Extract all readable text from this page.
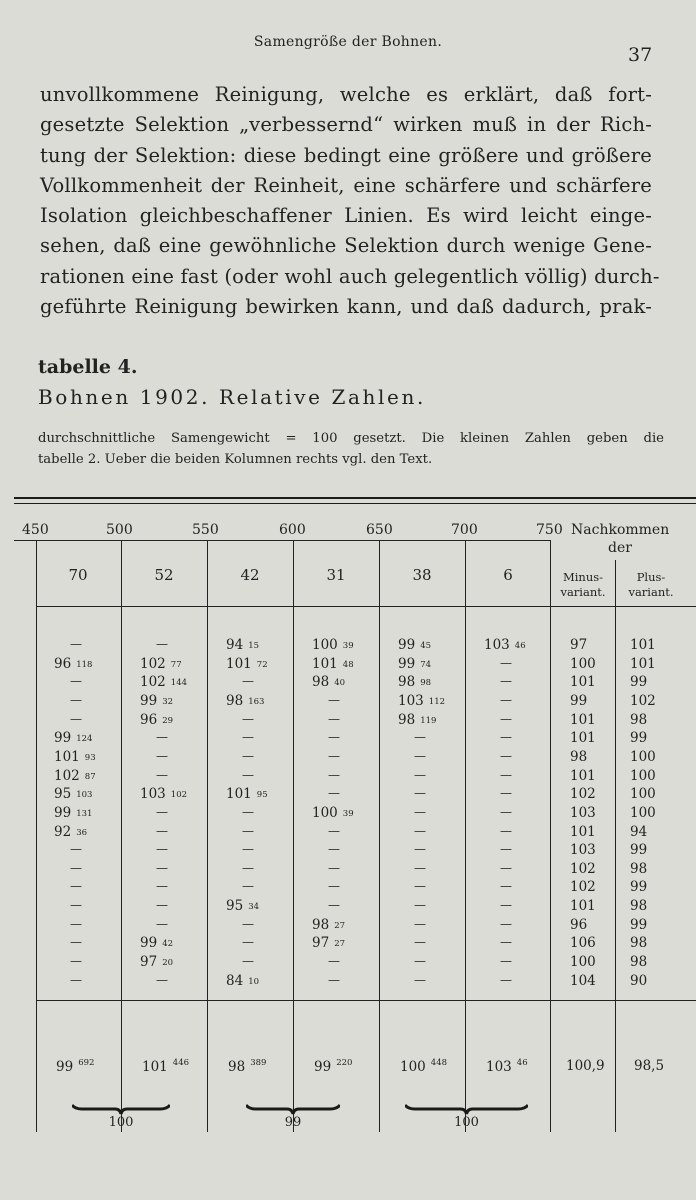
Samengröße der Bohnen.
37
unvollkommene Reinigung, welche es erklärt, daß fort-
gesetzte Selektion „verbessernd“ wirken muß in der Rich-
tung der Selektion: diese bedingt eine größere und größere
Vollkommenheit der Reinheit, eine schärfere und schärfere
Isolation gleichbeschaffener Linien. Es wird leicht einge-
sehen, daß eine gewöhnliche Selektion durch wenige Gene-
rationen eine fast (oder wohl auch gelegentlich völlig) durch-
geführte Reinigung bewirken kann, und daß dadurch, prak-
tabelle 4.
Bohnen 1902. Relative Zahlen.
durchschnittliche Samengewicht = 100 gesetzt. Die kleinen Zahlen geben die
tabelle 2. Ueber die beiden Kolumnen rechts vgl. den Text.
450	500	550	600	650	700	750 Nachkommen
der
70	52	42	31	38	6	Minus-
variant.
Plus-
variant.
—	—	94 15	100 39	99 45	103 46	97	101
96 118	102 77	101 72	101 48	99 74	—	100	101
—	102 144	—	98 40	98 98	—	101	99
—	99 32	98 163	—	103 112	—	99	102
—	96 29	—	—	98 119	—	101	98
99 124	—	—	—	—	—	101	99
101 93	—	—	—	—	—	98	100
102 87	—	—	—	—	—	101	100
95 103	103 102	101 95	—	—	—	102	100
99 131	—	—	100 39	—	—	103	100
92 36	—	—	—	—	—	101	94
—	—	—	—	—	—	103	99
—	—	—	—	—	—	102	98
—	—	—	—	—	—	102	99
—	—	95 34	—	—	—	101	98
—	—	—	98 27	—	—	96	99
—	99 42	—	97 27	—	—	106	98
—	97 20	—	—	—	—	100	98
—	—	84 10	—	—	—	104	90
99 $^{692}$	101 $^{446}$	98 $^{389}$	99 $^{220}$	100 $^{448}$	103 $^{46}$	100,9 98,5
100	99	100
